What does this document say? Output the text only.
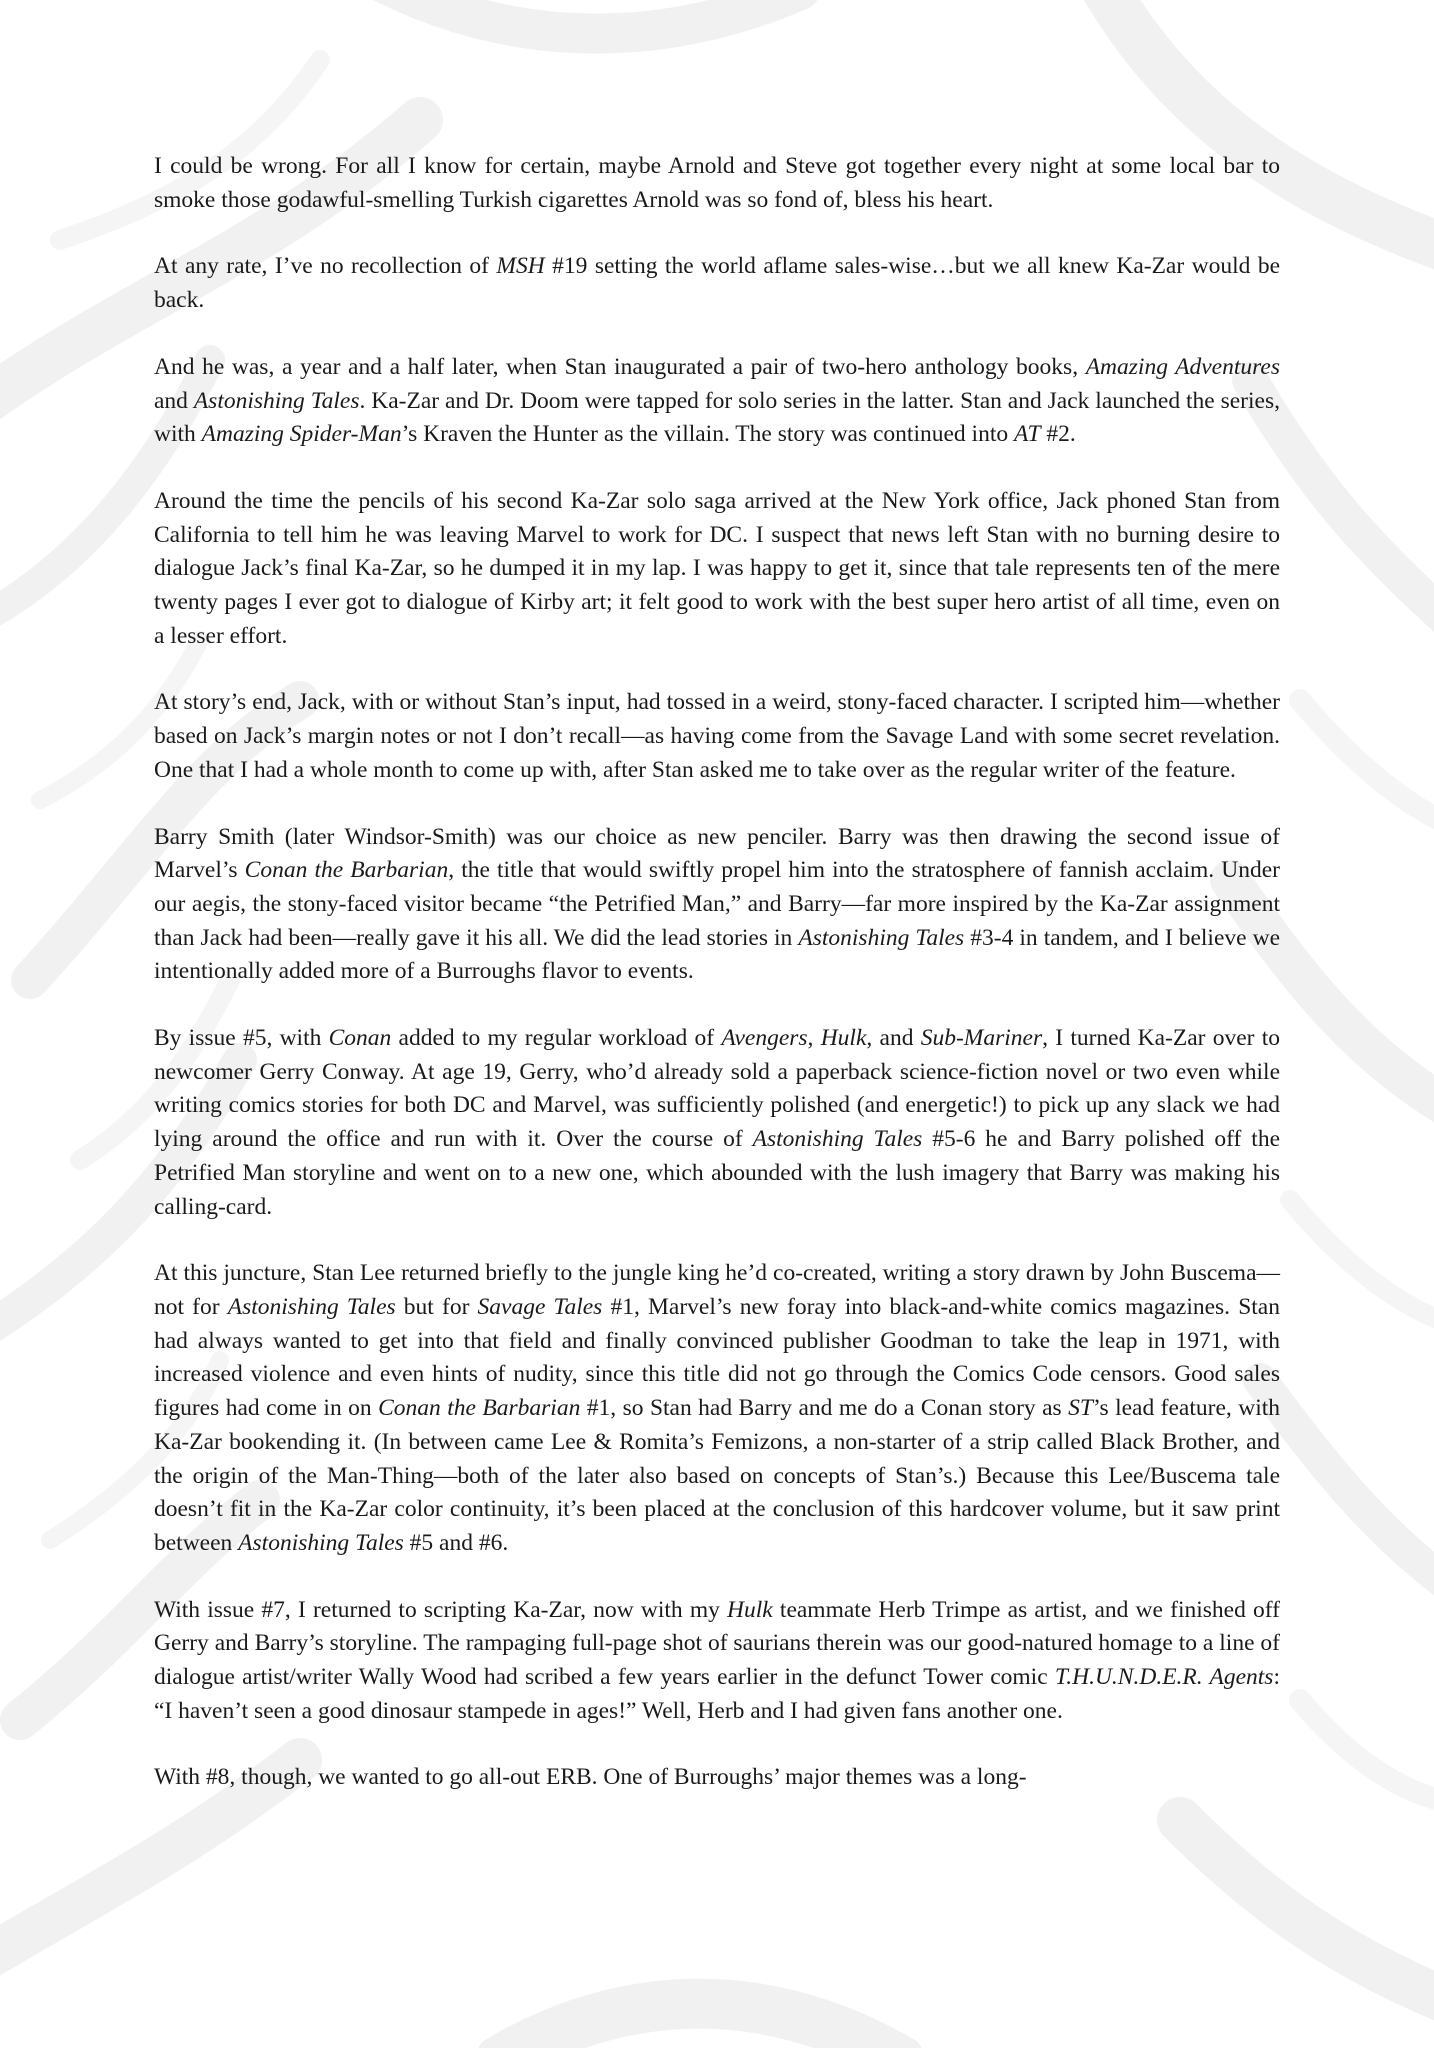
I could be wrong. For all I know for certain, maybe Arnold and Steve got together every night at some local bar to smoke those godawful-smelling Turkish cigarettes Arnold was so fond of, bless his heart.

At any rate, I’ve no recollection of MSH #19 setting the world aflame sales-wise…but we all knew Ka-Zar would be back.

And he was, a year and a half later, when Stan inaugurated a pair of two-hero anthology books, Amazing Adventures and Astonishing Tales. Ka-Zar and Dr. Doom were tapped for solo series in the latter. Stan and Jack launched the series, with Amazing Spider-Man’s Kraven the Hunter as the villain. The story was continued into AT #2.

Around the time the pencils of his second Ka-Zar solo saga arrived at the New York office, Jack phoned Stan from California to tell him he was leaving Marvel to work for DC. I suspect that news left Stan with no burning desire to dialogue Jack’s final Ka-Zar, so he dumped it in my lap. I was happy to get it, since that tale represents ten of the mere twenty pages I ever got to dialogue of Kirby art; it felt good to work with the best super hero artist of all time, even on a lesser effort.

At story’s end, Jack, with or without Stan’s input, had tossed in a weird, stony-faced character. I scripted him—whether based on Jack’s margin notes or not I don’t recall—as having come from the Savage Land with some secret revelation. One that I had a whole month to come up with, after Stan asked me to take over as the regular writer of the feature.

Barry Smith (later Windsor-Smith) was our choice as new penciler. Barry was then drawing the second issue of Marvel’s Conan the Barbarian, the title that would swiftly propel him into the stratosphere of fannish acclaim. Under our aegis, the stony-faced visitor became “the Petrified Man,” and Barry—far more inspired by the Ka-Zar assignment than Jack had been—really gave it his all. We did the lead stories in Astonishing Tales #3-4 in tandem, and I believe we intentionally added more of a Burroughs flavor to events.

By issue #5, with Conan added to my regular workload of Avengers, Hulk, and Sub-Mariner, I turned Ka-Zar over to newcomer Gerry Conway. At age 19, Gerry, who’d already sold a paperback science-fiction novel or two even while writing comics stories for both DC and Marvel, was sufficiently polished (and energetic!) to pick up any slack we had lying around the office and run with it. Over the course of Astonishing Tales #5-6 he and Barry polished off the Petrified Man storyline and went on to a new one, which abounded with the lush imagery that Barry was making his calling-card.

At this juncture, Stan Lee returned briefly to the jungle king he’d co-created, writing a story drawn by John Buscema—not for Astonishing Tales but for Savage Tales #1, Marvel’s new foray into black-and-white comics magazines. Stan had always wanted to get into that field and finally convinced publisher Goodman to take the leap in 1971, with increased violence and even hints of nudity, since this title did not go through the Comics Code censors. Good sales figures had come in on Conan the Barbarian #1, so Stan had Barry and me do a Conan story as ST’s lead feature, with Ka-Zar bookending it. (In between came Lee & Romita’s Femizons, a non-starter of a strip called Black Brother, and the origin of the Man-Thing—both of the later also based on concepts of Stan’s.) Because this Lee/Buscema tale doesn’t fit in the Ka-Zar color continuity, it’s been placed at the conclusion of this hardcover volume, but it saw print between Astonishing Tales #5 and #6.

With issue #7, I returned to scripting Ka-Zar, now with my Hulk teammate Herb Trimpe as artist, and we finished off Gerry and Barry’s storyline. The rampaging full-page shot of saurians therein was our good-natured homage to a line of dialogue artist/writer Wally Wood had scribed a few years earlier in the defunct Tower comic T.H.U.N.D.E.R. Agents: “I haven’t seen a good dinosaur stampede in ages!” Well, Herb and I had given fans another one.

With #8, though, we wanted to go all-out ERB. One of Burroughs’ major themes was a long-
